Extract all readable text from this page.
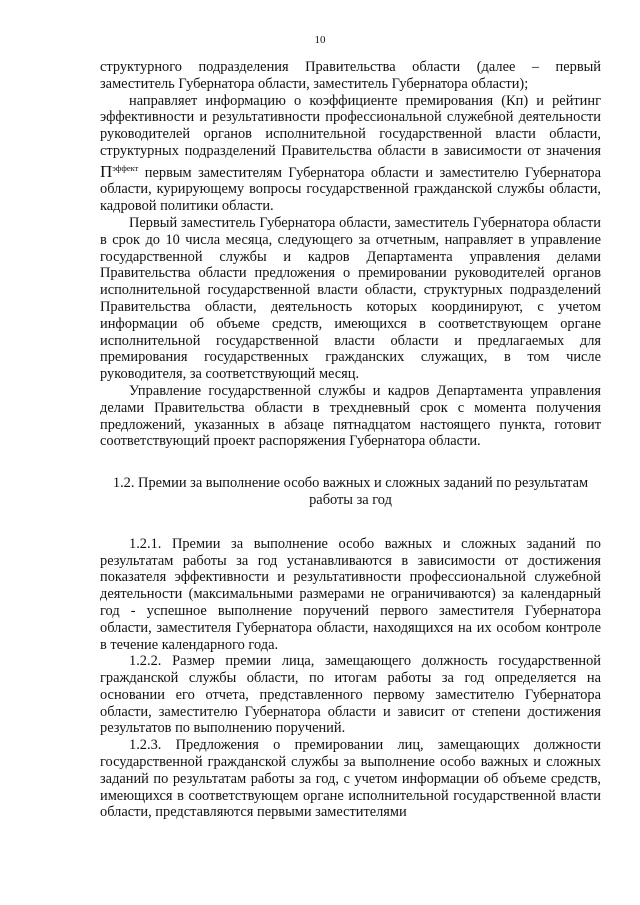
10

структурного подразделения Правительства области (далее – первый заместитель Губернатора области, заместитель Губернатора области);

направляет информацию о коэффициенте премирования (Кп) и рейтинг эффективности и результативности профессиональной служебной деятельности руководителей органов исполнительной государственной власти области, структурных подразделений Правительства области в зависимости от значения $П^{эффект}$ первым заместителям Губернатора области и заместителю Губернатора области, курирующему вопросы государственной гражданской службы области, кадровой политики области.

Первый заместитель Губернатора области, заместитель Губернатора области в срок до 10 числа месяца, следующего за отчетным, направляет в управление государственной службы и кадров Департамента управления делами Правительства области предложения о премировании руководителей органов исполнительной государственной власти области, структурных подразделений Правительства области, деятельность которых координируют, с учетом информации об объеме средств, имеющихся в соответствующем органе исполнительной государственной власти области и предлагаемых для премирования государственных гражданских служащих, в том числе руководителя, за соответствующий месяц.

Управление государственной службы и кадров Департамента управления делами Правительства области в трехдневный срок с момента получения предложений, указанных в абзаце пятнадцатом настоящего пункта, готовит соответствующий проект распоряжения Губернатора области.

1.2. Премии за выполнение особо важных и сложных заданий по результатам работы за год

1.2.1. Премии за выполнение особо важных и сложных заданий по результатам работы за год устанавливаются в зависимости от достижения показателя эффективности и результативности профессиональной служебной деятельности (максимальными размерами не ограничиваются) за календарный год - успешное выполнение поручений первого заместителя Губернатора области, заместителя Губернатора области, находящихся на их особом контроле в течение календарного года.

1.2.2. Размер премии лица, замещающего должность государственной гражданской службы области, по итогам работы за год определяется на основании его отчета, представленного первому заместителю Губернатора области, заместителю Губернатора области и зависит от степени достижения результатов по выполнению поручений.

1.2.3. Предложения о премировании лиц, замещающих должности государственной гражданской службы за выполнение особо важных и сложных заданий по результатам работы за год, с учетом информации об объеме средств, имеющихся в соответствующем органе исполнительной государственной власти области, представляются первыми заместителями
